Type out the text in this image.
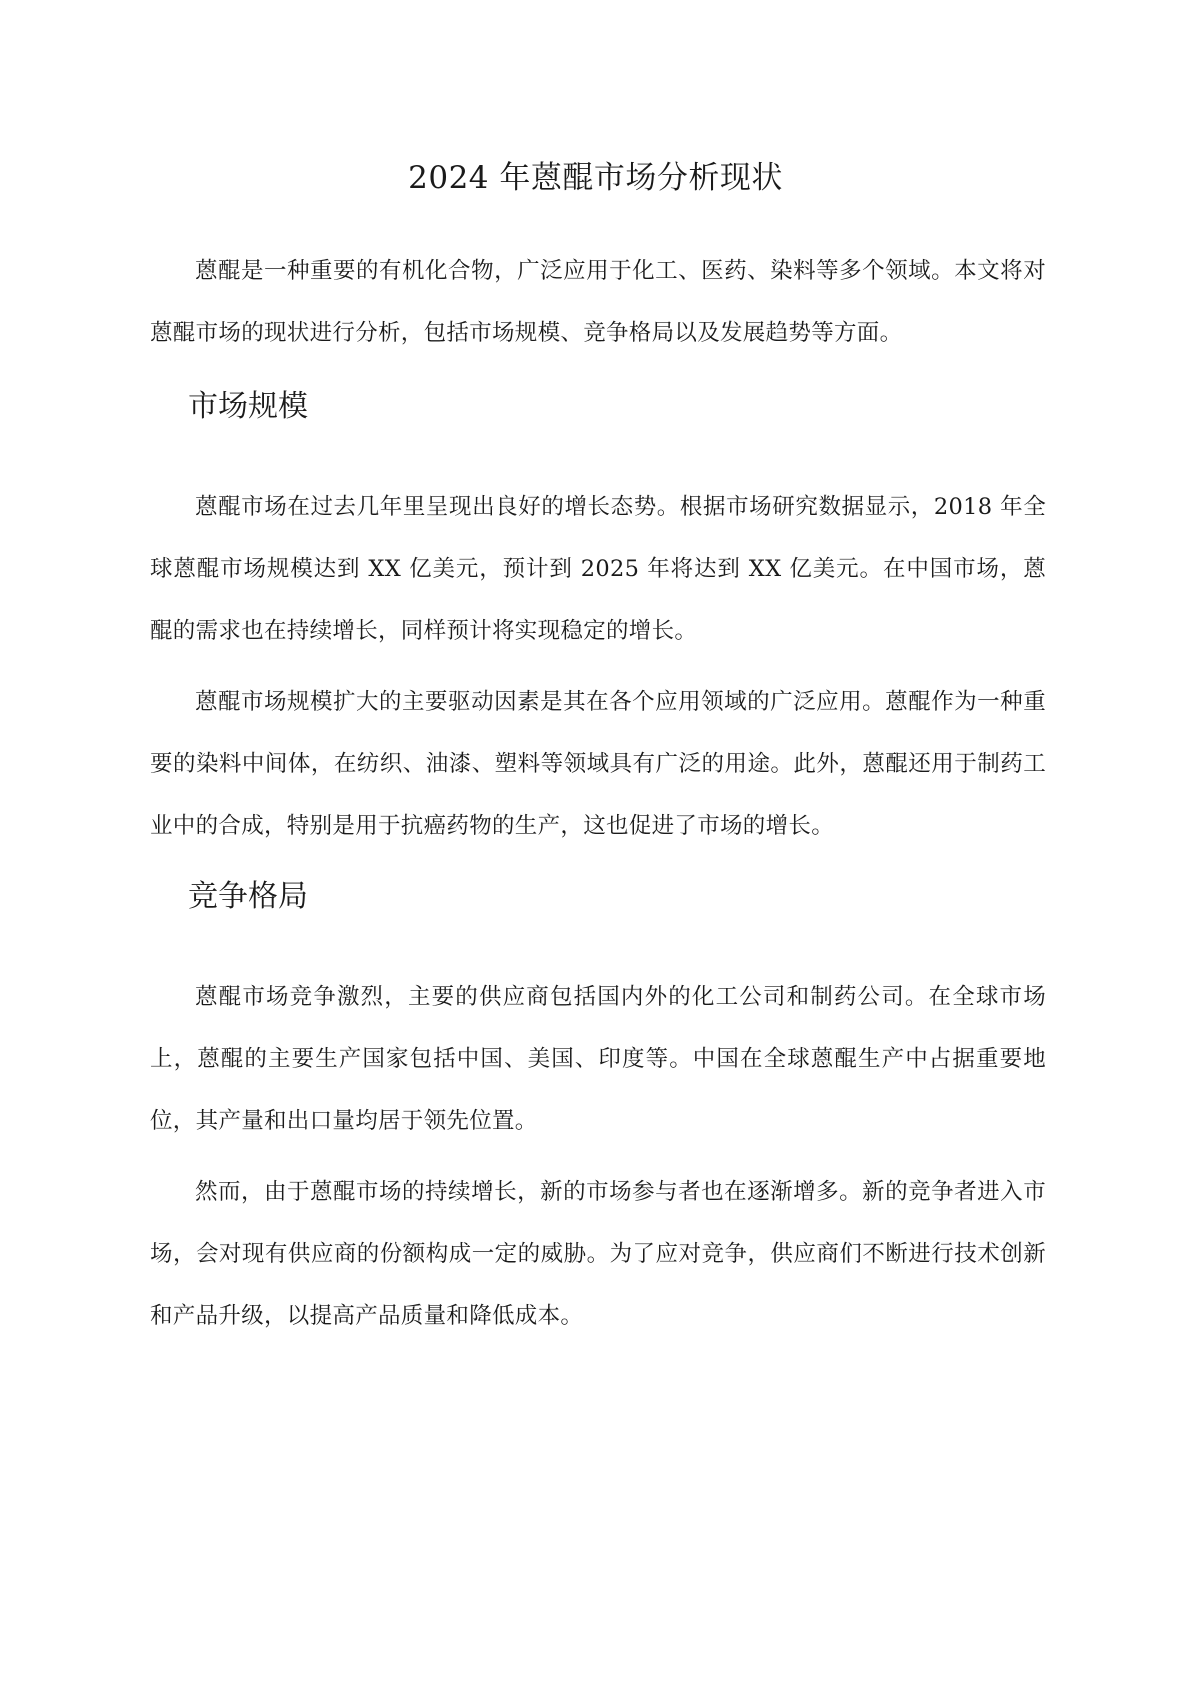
2024 年蒽醌市场分析现状

蒽醌是一种重要的有机化合物，广泛应用于化工、医药、染料等多个领域。本文将对蒽醌市场的现状进行分析，包括市场规模、竞争格局以及发展趋势等方面。

市场规模

蒽醌市场在过去几年里呈现出良好的增长态势。根据市场研究数据显示，2018 年全球蒽醌市场规模达到 XX 亿美元，预计到 2025 年将达到 XX 亿美元。在中国市场，蒽醌的需求也在持续增长，同样预计将实现稳定的增长。

蒽醌市场规模扩大的主要驱动因素是其在各个应用领域的广泛应用。蒽醌作为一种重要的染料中间体，在纺织、油漆、塑料等领域具有广泛的用途。此外，蒽醌还用于制药工业中的合成，特别是用于抗癌药物的生产，这也促进了市场的增长。

竞争格局

蒽醌市场竞争激烈，主要的供应商包括国内外的化工公司和制药公司。在全球市场上，蒽醌的主要生产国家包括中国、美国、印度等。中国在全球蒽醌生产中占据重要地位，其产量和出口量均居于领先位置。

然而，由于蒽醌市场的持续增长，新的市场参与者也在逐渐增多。新的竞争者进入市场，会对现有供应商的份额构成一定的威胁。为了应对竞争，供应商们不断进行技术创新和产品升级，以提高产品质量和降低成本。
